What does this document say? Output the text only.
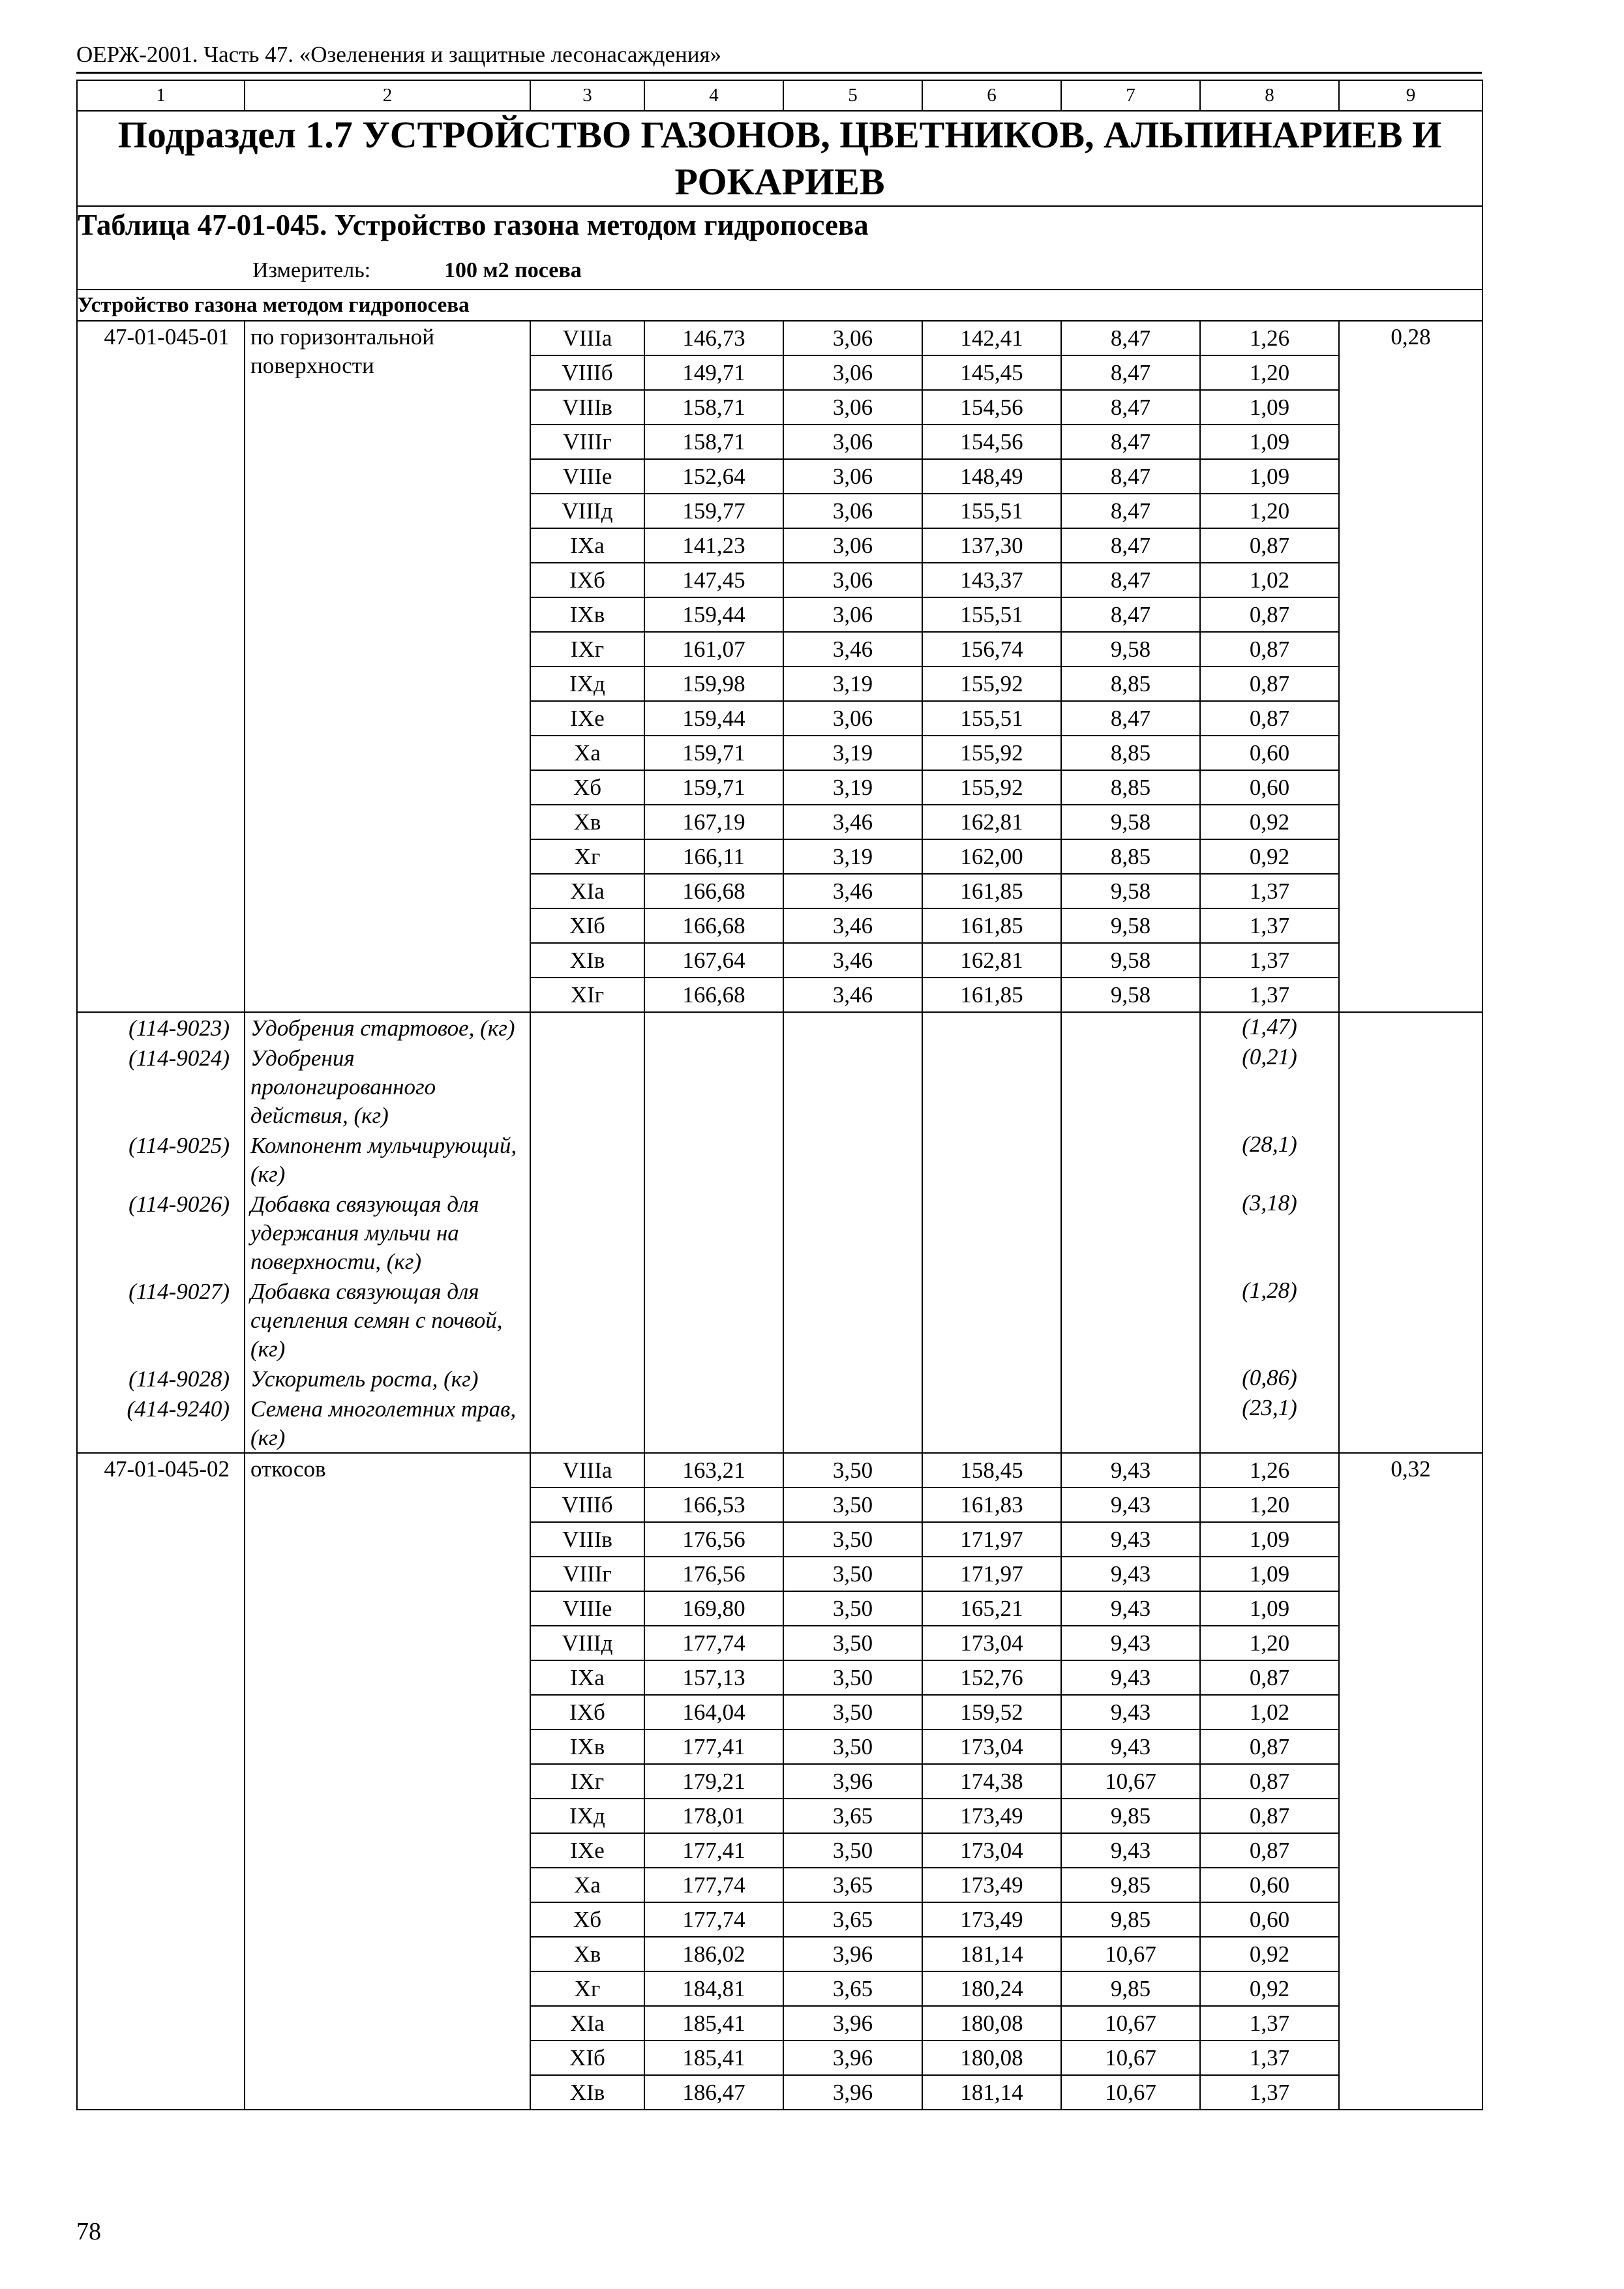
ОЕРЖ-2001. Часть 47. «Озеленения и защитные лесонасаждения»
1	2	3	4	5	6	7	8	9
Подраздел 1.7 УСТРОЙСТВО ГАЗОНОВ, ЦВЕТНИКОВ, АЛЬПИНАРИЕВ И РОКАРИЕВ								
Таблица 47-01-045. Устройство газона методом гидропосева								

Измеритель: 100 м2 посева								

Устройство газона методом гидропосева								
47-01-045-01	по горизонтальной поверхности	VIIIа	146,73	3,06	142,41	8,47	1,26	0,28
		VIIIб	149,71	3,06	145,45	8,47	1,20	
		VIIIв	158,71	3,06	154,56	8,47	1,09	
		VIIIг	158,71	3,06	154,56	8,47	1,09	
		VIIIе	152,64	3,06	148,49	8,47	1,09	
		VIIIд	159,77	3,06	155,51	8,47	1,20	
		IXа	141,23	3,06	137,30	8,47	0,87	
		IXб	147,45	3,06	143,37	8,47	1,02	
		IXв	159,44	3,06	155,51	8,47	0,87	
		IXг	161,07	3,46	156,74	9,58	0,87	
		IXд	159,98	3,19	155,92	8,85	0,87	
		IXе	159,44	3,06	155,51	8,47	0,87	
		Xа	159,71	3,19	155,92	8,85	0,60	
		Xб	159,71	3,19	155,92	8,85	0,60	
		Xв	167,19	3,46	162,81	9,58	0,92	
		Xг	166,11	3,19	162,00	8,85	0,92	
		XIа	166,68	3,46	161,85	9,58	1,37	
		XIб	166,68	3,46	161,85	9,58	1,37	
		XIв	167,64	3,46	162,81	9,58	1,37	
		XIг	166,68	3,46	161,85	9,58	1,37	
(114-9023)	Удобрения стартовое, (кг)						(1,47)	
(114-9024)	Удобрения пролонгированного действия, (кг)						(0,21)	
(114-9025)	Компонент мульчирующий, (кг)						(28,1)	
(114-9026)	Добавка связующая для удержания мульчи на поверхности, (кг)						(3,18)	
(114-9027)	Добавка связующая для сцепления семян с почвой, (кг)						(1,28)	
(114-9028)	Ускоритель роста, (кг)						(0,86)	
(414-9240)	Семена многолетних трав, (кг)						(23,1)	
47-01-045-02	откосов	VIIIа	163,21	3,50	158,45	9,43	1,26	0,32
		VIIIб	166,53	3,50	161,83	9,43	1,20	
		VIIIв	176,56	3,50	171,97	9,43	1,09	
		VIIIг	176,56	3,50	171,97	9,43	1,09	
		VIIIе	169,80	3,50	165,21	9,43	1,09	
		VIIIд	177,74	3,50	173,04	9,43	1,20	
		IXа	157,13	3,50	152,76	9,43	0,87	
		IXб	164,04	3,50	159,52	9,43	1,02	
		IXв	177,41	3,50	173,04	9,43	0,87	
		IXг	179,21	3,96	174,38	10,67	0,87	
		IXд	178,01	3,65	173,49	9,85	0,87	
		IXе	177,41	3,50	173,04	9,43	0,87	
		Xа	177,74	3,65	173,49	9,85	0,60	
		Xб	177,74	3,65	173,49	9,85	0,60	
		Xв	186,02	3,96	181,14	10,67	0,92	
		Xг	184,81	3,65	180,24	9,85	0,92	
		XIа	185,41	3,96	180,08	10,67	1,37	
		XIб	185,41	3,96	180,08	10,67	1,37	
		XIв	186,47	3,96	181,14	10,67	1,37	
78
